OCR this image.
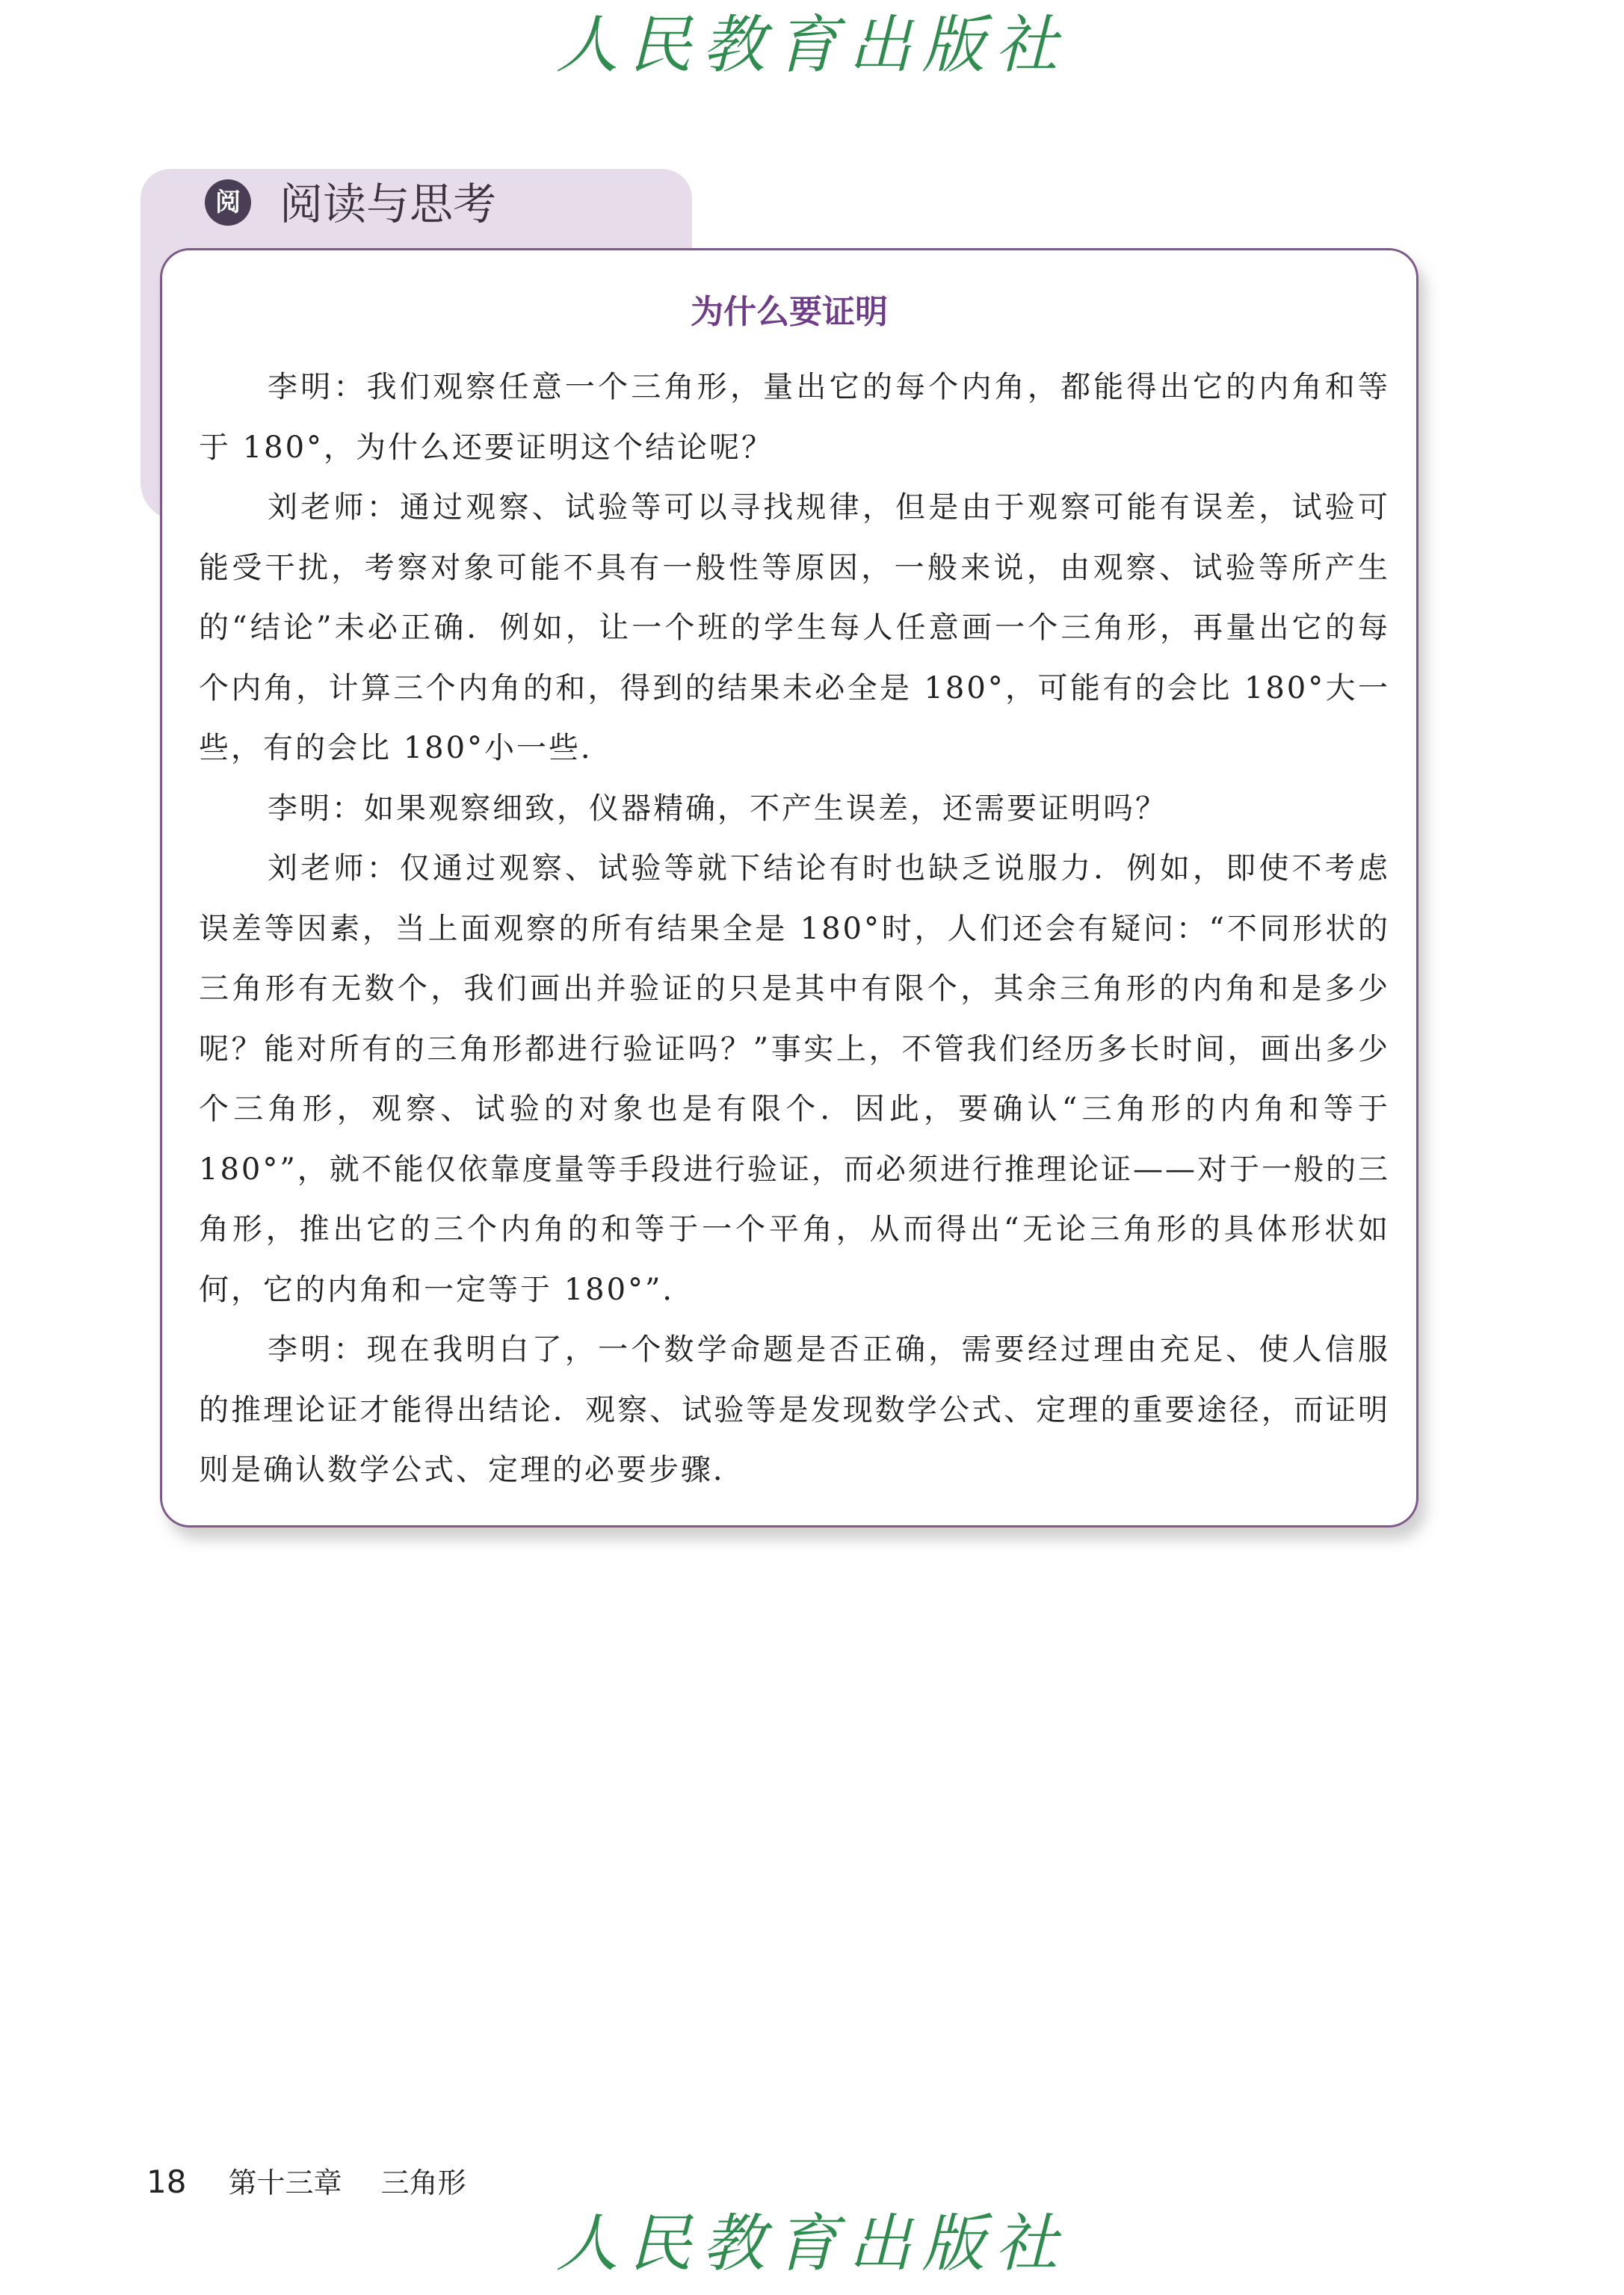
人民教育出版社
阅 阅读与思考
为什么要证明

李明：我们观察任意一个三角形，量出它的每个内角，都能得出它的内角和等于 180°，为什么还要证明这个结论呢？

刘老师：通过观察、试验等可以寻找规律，但是由于观察可能有误差，试验可能受干扰，考察对象可能不具有一般性等原因，一般来说，由观察、试验等所产生的“结论”未必正确．例如，让一个班的学生每人任意画一个三角形，再量出它的每个内角，计算三个内角的和，得到的结果未必全是 180°，可能有的会比 180°大一些，有的会比 180°小一些．

李明：如果观察细致，仪器精确，不产生误差，还需要证明吗？

刘老师：仅通过观察、试验等就下结论有时也缺乏说服力．例如，即使不考虑误差等因素，当上面观察的所有结果全是 180°时，人们还会有疑问：“不同形状的三角形有无数个，我们画出并验证的只是其中有限个，其余三角形的内角和是多少呢？能对所有的三角形都进行验证吗？”事实上，不管我们经历多长时间，画出多少个三角形，观察、试验的对象也是有限个．因此，要确认“三角形的内角和等于 180°”，就不能仅依靠度量等手段进行验证，而必须进行推理论证——对于一般的三角形，推出它的三个内角的和等于一个平角，从而得出“无论三角形的具体形状如何，它的内角和一定等于 180°”．

李明：现在我明白了，一个数学命题是否正确，需要经过理由充足、使人信服的推理论证才能得出结论．观察、试验等是发现数学公式、定理的重要途径，而证明则是确认数学公式、定理的必要步骤．

18 第十三章 三角形
人民教育出版社
